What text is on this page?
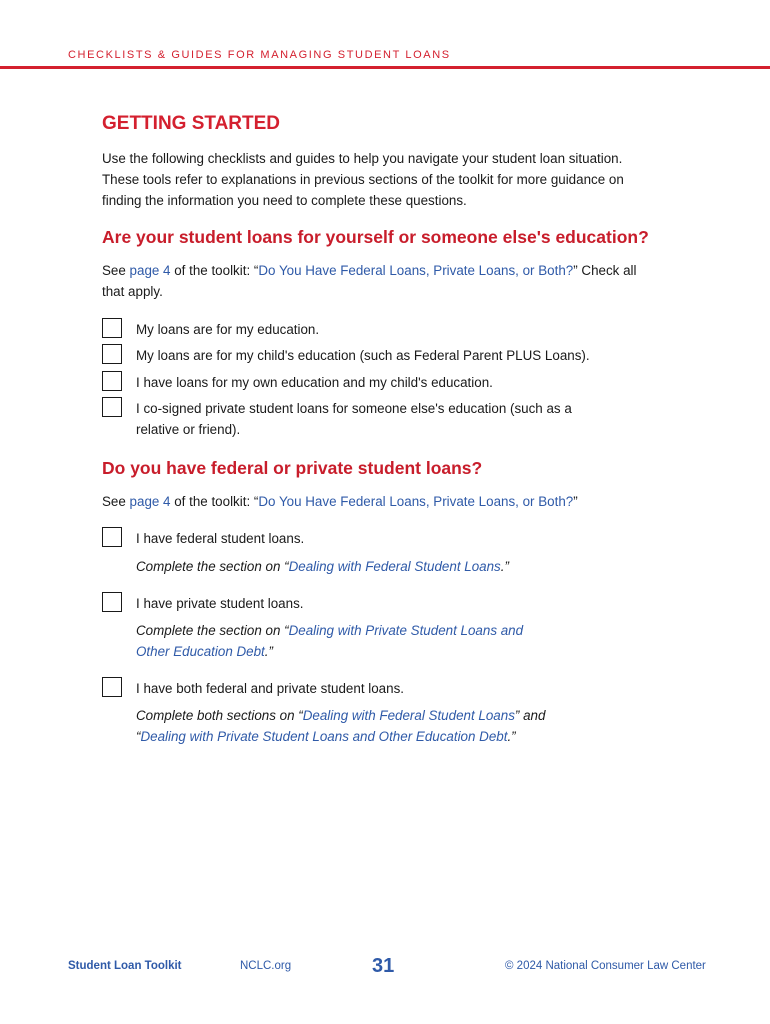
CHECKLISTS & GUIDES FOR MANAGING STUDENT LOANS
GETTING STARTED
Use the following checklists and guides to help you navigate your student loan situation.
These tools refer to explanations in previous sections of the toolkit for more guidance on
finding the information you need to complete these questions.
Are your student loans for yourself or someone else's education?
See page 4 of the toolkit: “Do You Have Federal Loans, Private Loans, or Both?” Check all
that apply.
My loans are for my education.
My loans are for my child's education (such as Federal Parent PLUS Loans).
I have loans for my own education and my child's education.
I co-signed private student loans for someone else's education (such as a
relative or friend).
Do you have federal or private student loans?
See page 4 of the toolkit: “Do You Have Federal Loans, Private Loans, or Both?”
I have federal student loans.
Complete the section on “Dealing with Federal Student Loans.”
I have private student loans.
Complete the section on “Dealing with Private Student Loans and
Other Education Debt.”
I have both federal and private student loans.
Complete both sections on “Dealing with Federal Student Loans” and
“Dealing with Private Student Loans and Other Education Debt.”
Student Loan Toolkit	NCLC.org	31	© 2024 National Consumer Law Center
